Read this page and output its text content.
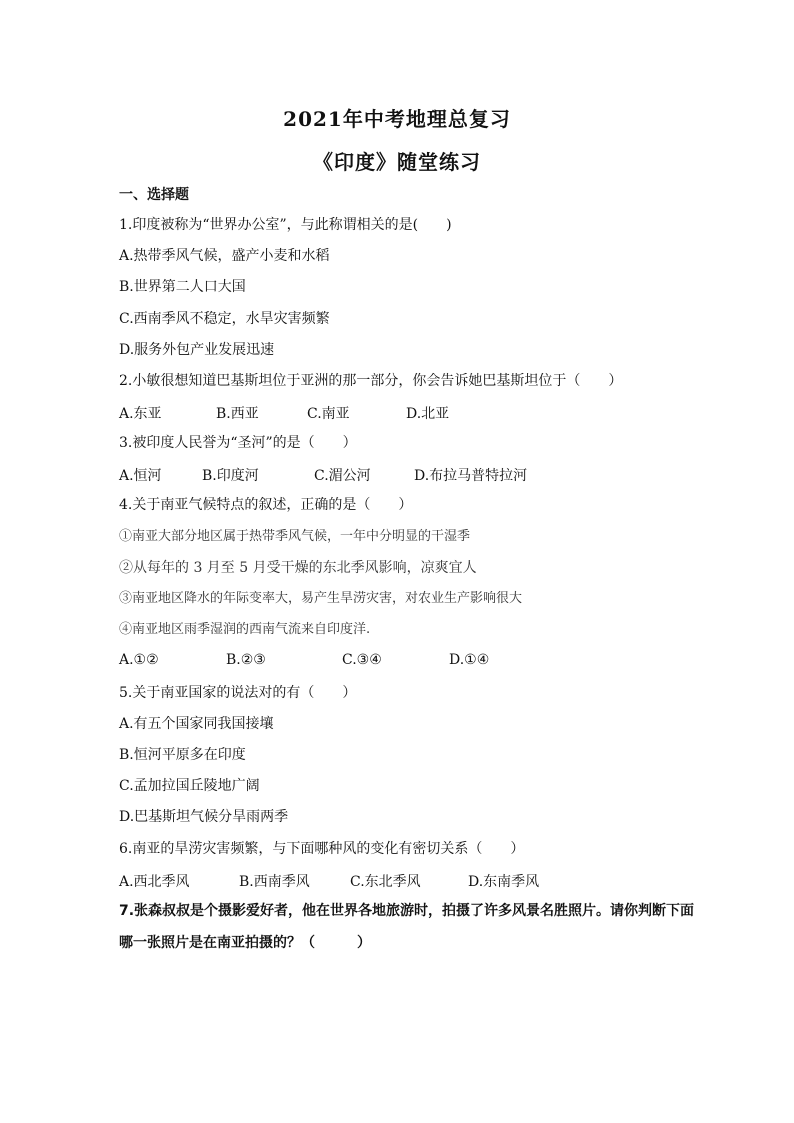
2021年中考地理总复习
《印度》随堂练习
一、选择题
1.印度被称为“世界办公室”，与此称谓相关的是(　　)
A.热带季风气候，盛产小麦和水稻
B.世界第二人口大国
C.西南季风不稳定，水旱灾害频繁
D.服务外包产业发展迅速
2.小敏很想知道巴基斯坦位于亚洲的那一部分，你会告诉她巴基斯坦位于（　　）
A.东亚	B.西亚	C.南亚	D.北亚
3.被印度人民誉为“圣河”的是（　　）
A.恒河	B.印度河	C.湄公河	D.布拉马普特拉河
4.关于南亚气候特点的叙述，正确的是（　　）
①南亚大部分地区属于热带季风气候，一年中分明显的干湿季
②从每年的 3 月至 5 月受干燥的东北季风影响，凉爽宜人
③南亚地区降水的年际变率大，易产生旱涝灾害，对农业生产影响很大
④南亚地区雨季湿润的西南气流来自印度洋.
A.①②	B.②③	C.③④	D.①④
5.关于南亚国家的说法对的有（　　）
A.有五个国家同我国接壤
B.恒河平原多在印度
C.孟加拉国丘陵地广阔
D.巴基斯坦气候分旱雨两季
6.南亚的旱涝灾害频繁，与下面哪种风的变化有密切关系（　　）
A.西北季风	B.西南季风	C.东北季风	D.东南季风
7.张森叔叔是个摄影爱好者，他在世界各地旅游时，拍摄了许多风景名胜照片。请你判断下面
哪一张照片是在南亚拍摄的？（　　　）
